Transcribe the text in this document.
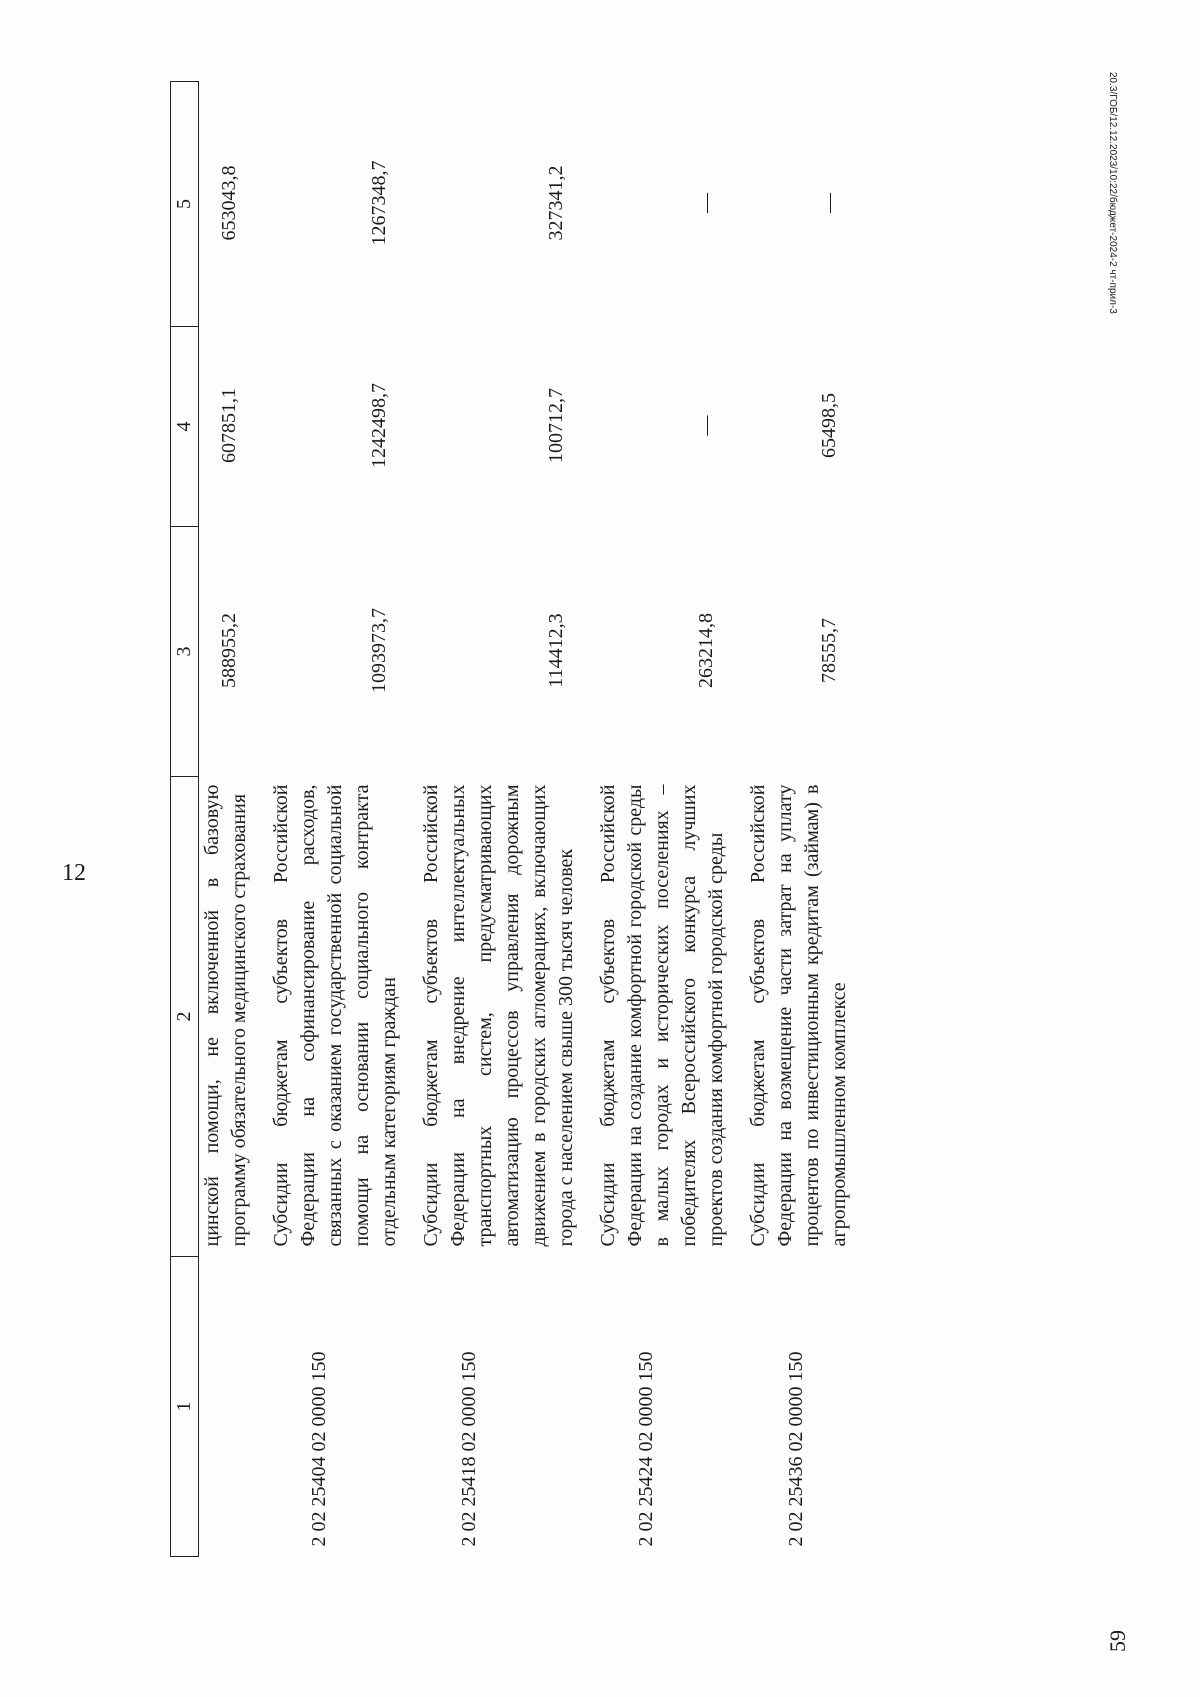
12
1	2	3	4	5
	цинской помощи, не включенной в базовую программу обязательного медицинского страхования	588955,2	607851,1	653043,8
2 02 25404 02 0000 150	Субсидии бюджетам субъектов Российской Федерации на софинансирование расходов, связанных с оказанием государственной социальной помощи на основании социального контракта отдельным категориям граждан	1093973,7	1242498,7	1267348,7
2 02 25418 02 0000 150	Субсидии бюджетам субъектов Российской Федерации на внедрение интеллектуальных транспортных систем, предусматривающих автоматизацию процессов управления дорожным движением в городских агломерациях, включающих города с населением свыше 300 тысяч человек	114412,3	100712,7	327341,2
2 02 25424 02 0000 150	Субсидии бюджетам субъектов Российской Федерации на создание комфортной городской среды в малых городах и исторических поселениях – победителях Всероссийского конкурса лучших проектов создания комфортной городской среды	263214,8	—	—
2 02 25436 02 0000 150	Субсидии бюджетам субъектов Российской Федерации на возмещение части затрат на уплату процентов по инвестиционным кредитам (займам) в агропромышленном комплексе	78555,7	65498,5	—	20.3/ГОБ/12.12.2023/10:22/бюджет-2024-2 чт-прил-3
59
